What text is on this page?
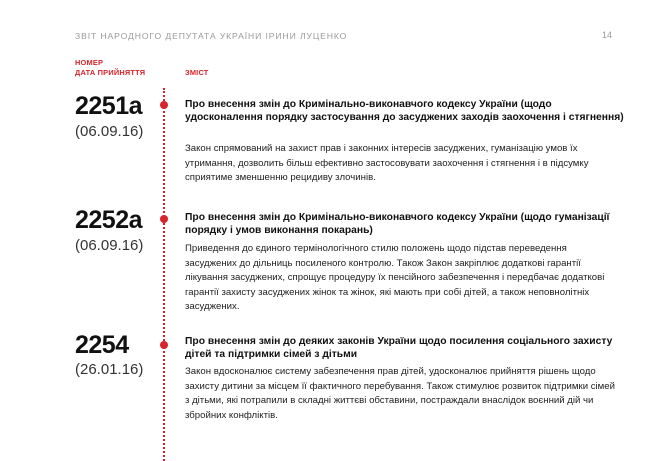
ЗВІТ НАРОДНОГО ДЕПУТАТА УКРАЇНИ ІРИНИ ЛУЦЕНКО	14
НОМЕР
ДАТА ПРИЙНЯТТЯ	ЗМІСТ
2251а
(06.09.16)
Про внесення змін до Кримінально-виконавчого кодексу України (щодо удосконалення порядку застосування до засуджених заходів заохочення і стягнення)
Закон спрямований на захист прав і законних інтересів засуджених, гуманізацію умов їх утримання, дозволить більш ефективно застосовувати заохочення і стягнення і в підсумку сприятиме зменшенню рецидиву злочинів.
2252а
(06.09.16)
Про внесення змін до Кримінально-виконавчого кодексу України (щодо гуманізації порядку і умов виконання покарань)
Приведення до єдиного термінологічного стилю положень щодо підстав переведення засуджених до дільниць посиленого контролю. Також Закон закріплює додаткові гарантії лікування засуджених, спрощує процедуру їх пенсійного забезпечення і передбачає додаткові гарантії захисту засуджених жінок та жінок, які мають при собі дітей, а також неповнолітніх засуджених.
2254
(26.01.16)
Про внесення змін до деяких законів України щодо посилення соціального захисту дітей та підтримки сімей з дітьми
Закон вдосконалює систему забезпечення прав дітей, удосконалює прийняття рішень щодо захисту дитини за місцем її фактичного перебування. Також стимулює розвиток підтримки сімей з дітьми, які потрапили в складні життєві обставини, постраждали внаслідок воєнний дій чи збройних конфліктів.
